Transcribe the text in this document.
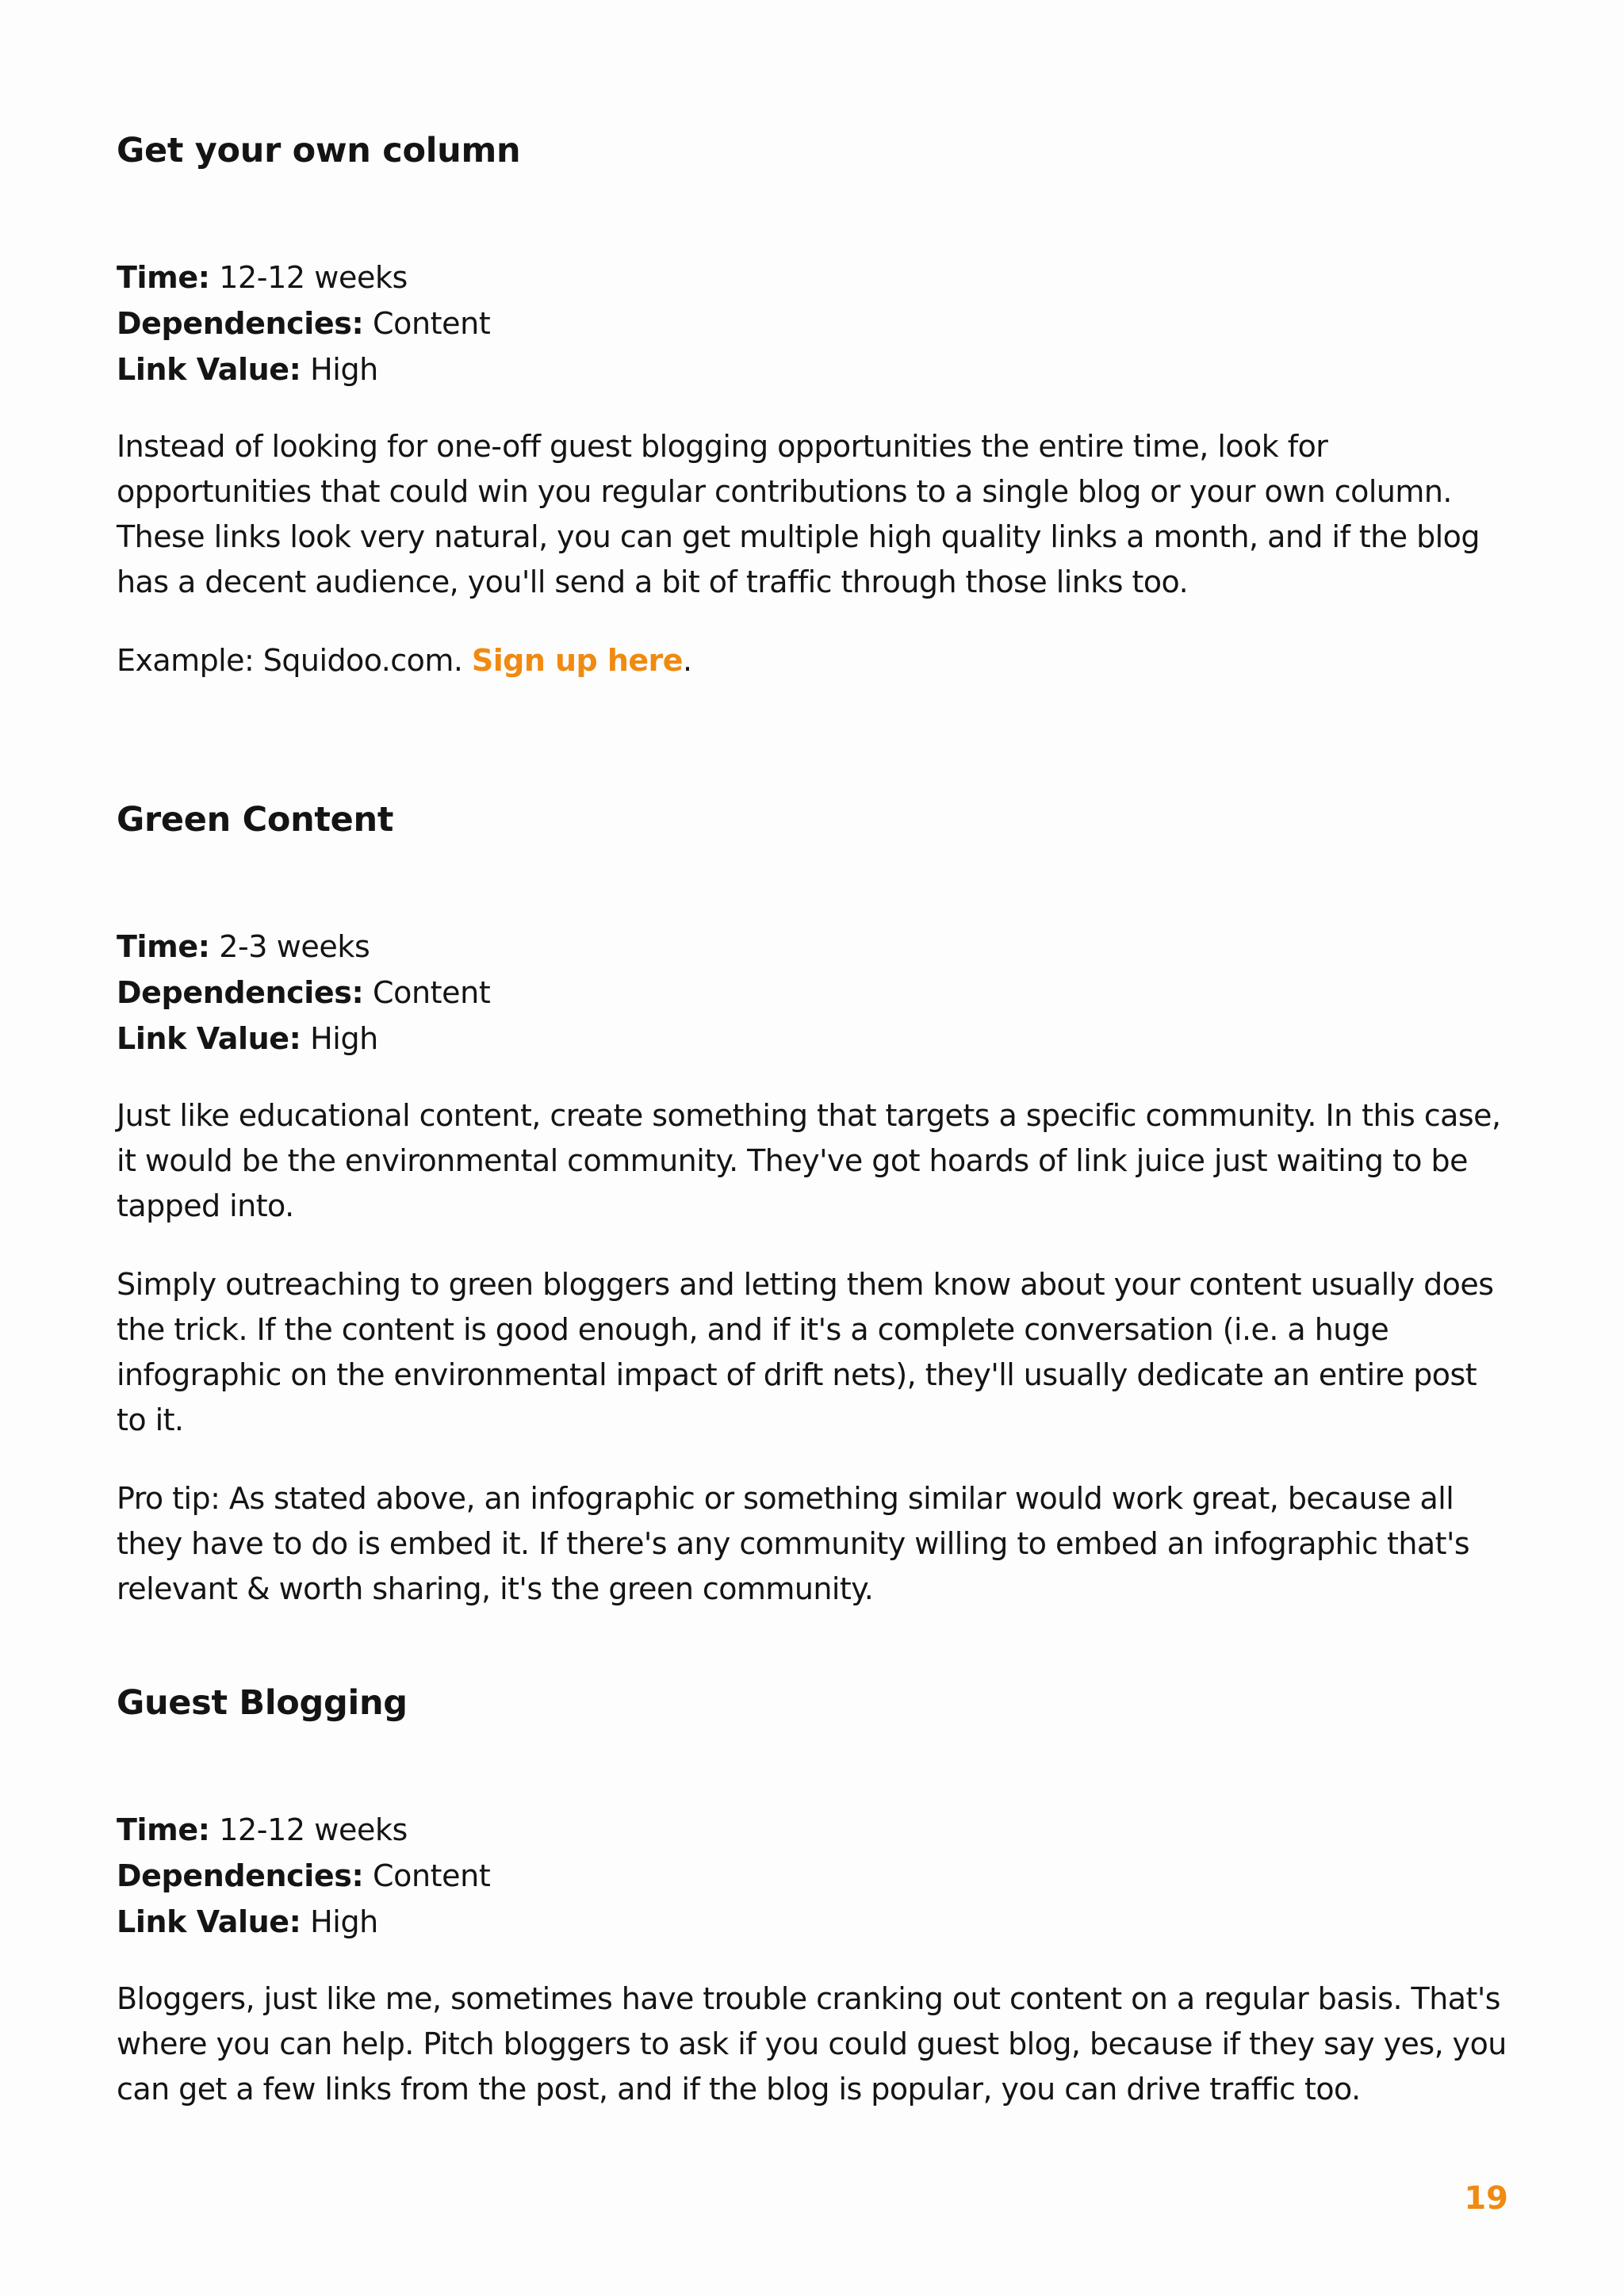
Get your own column

Time: 12-12 weeks

Dependencies: Content

Link Value: High

Instead of looking for one-off guest blogging opportunities the entire time, look for opportunities that could win you regular contributions to a single blog or your own column. These links look very natural, you can get multiple high quality links a month, and if the blog has a decent audience, you'll send a bit of traffic through those links too.

Example: Squidoo.com. Sign up here.

Green Content

Time: 2-3 weeks

Dependencies: Content

Link Value: High

Just like educational content, create something that targets a specific community. In this case, it would be the environmental community. They've got hoards of link juice just waiting to be tapped into.

Simply outreaching to green bloggers and letting them know about your content usually does the trick. If the content is good enough, and if it's a complete conversation (i.e. a huge infographic on the environmental impact of drift nets), they'll usually dedicate an entire post to it.

Pro tip: As stated above, an infographic or something similar would work great, because all they have to do is embed it. If there's any community willing to embed an infographic that's relevant & worth sharing, it's the green community.

Guest Blogging

Time: 12-12 weeks

Dependencies: Content

Link Value: High

Bloggers, just like me, sometimes have trouble cranking out content on a regular basis. That's where you can help. Pitch bloggers to ask if you could guest blog, because if they say yes, you can get a few links from the post, and if the blog is popular, you can drive traffic too.

19
